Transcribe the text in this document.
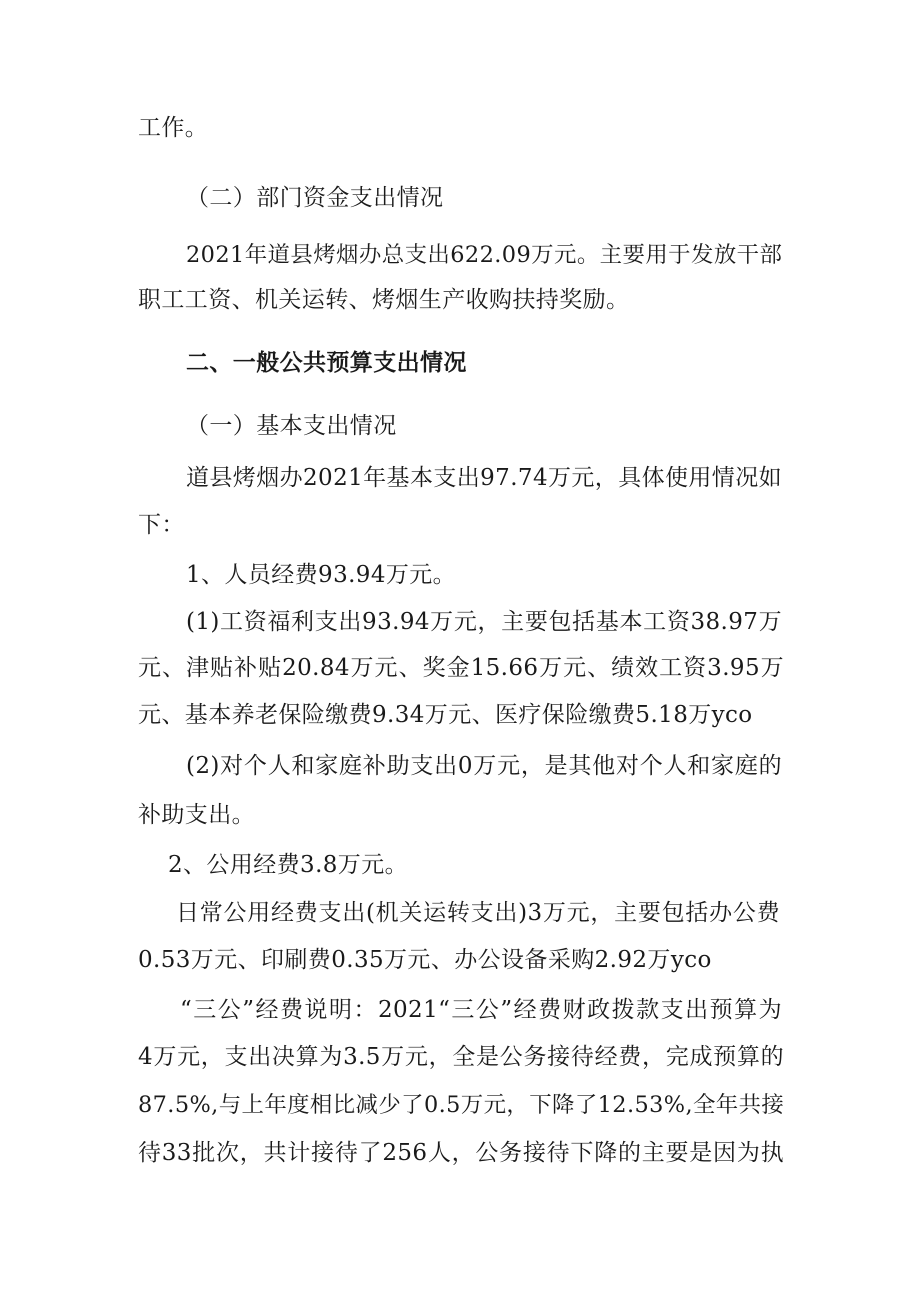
工作。
（二）部门资金支出情况
2021年道县烤烟办总支出622.09万元。主要用于发放干部
职工工资、机关运转、烤烟生产收购扶持奖励。
二、一般公共预算支出情况
（一）基本支出情况
道县烤烟办2021年基本支出97.74万元，具体使用情况如
下：
1、人员经费93.94万元。
(1)工资福利支出93.94万元，主要包括基本工资38.97万
元、津贴补贴20.84万元、奖金15.66万元、绩效工资3.95万
元、基本养老保险缴费9.34万元、医疗保险缴费5.18万yco
(2)对个人和家庭补助支出0万元，是其他对个人和家庭的
补助支出。
2、公用经费3.8万元。
日常公用经费支出(机关运转支出)3万元，主要包括办公费
0.53万元、印刷费0.35万元、办公设备采购2.92万yco
“三公”经费说明：2021“三公”经费财政拨款支出预算为
4万元，支出决算为3.5万元，全是公务接待经费，完成预算的
87.5%,与上年度相比减少了0.5万元，下降了12.53%,全年共接
待33批次，共计接待了256人，公务接待下降的主要是因为执
